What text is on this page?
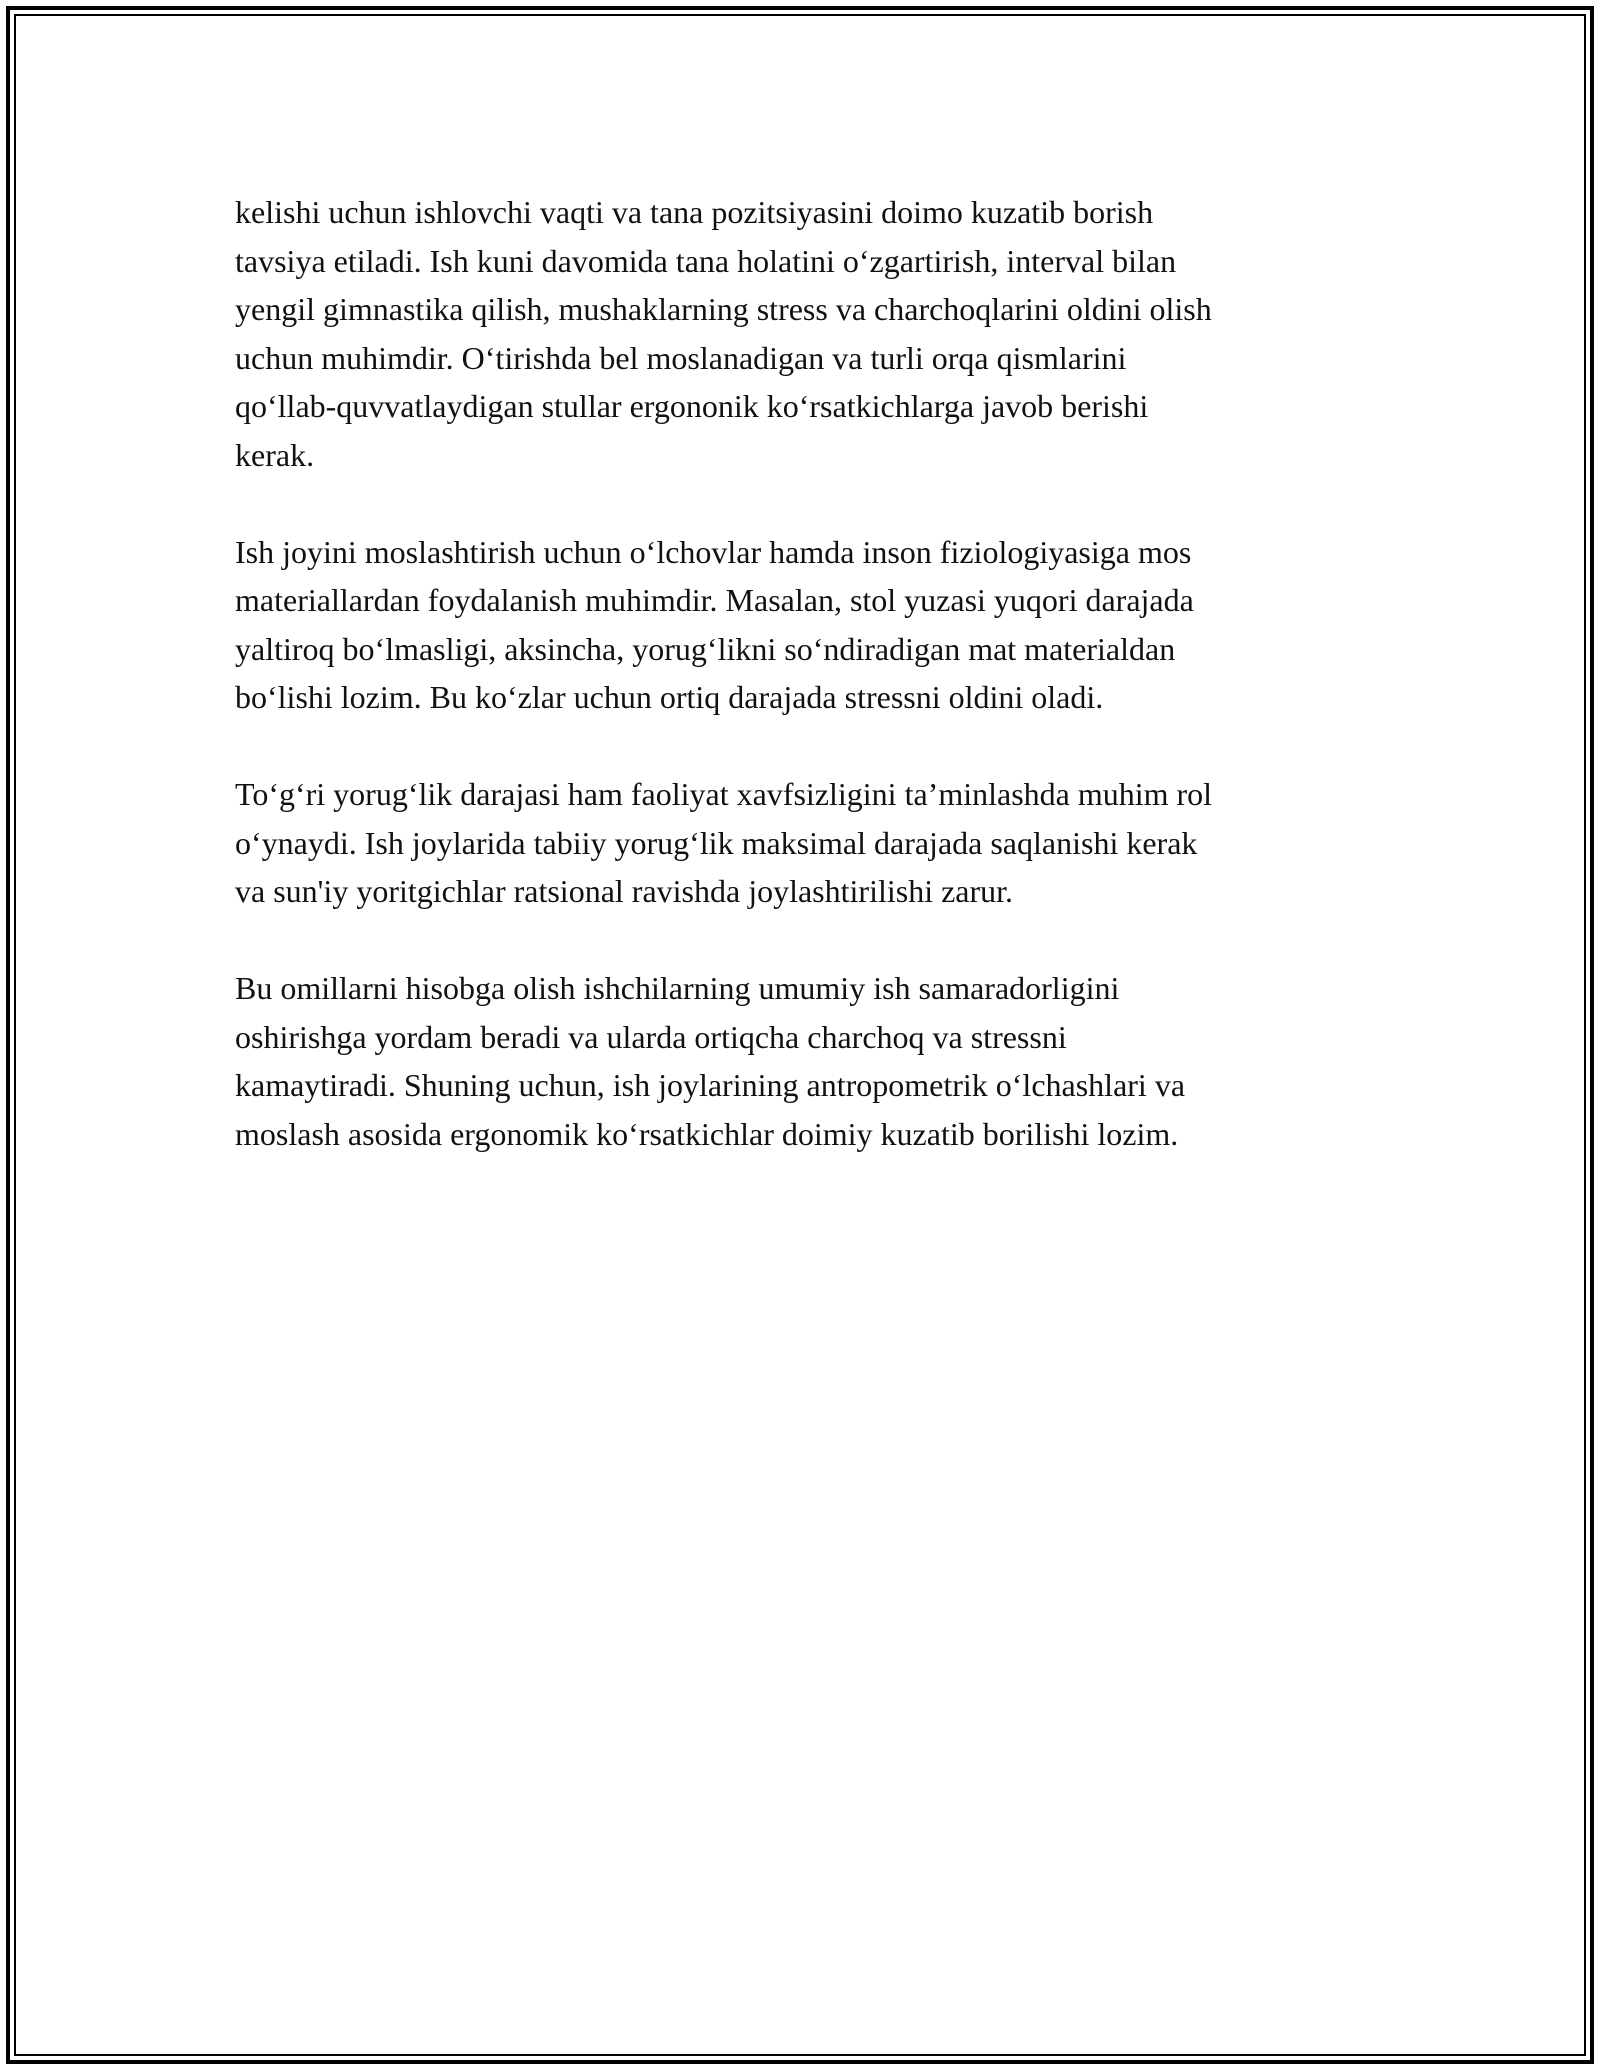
kelishi uchun ishlovchi vaqti va tana pozitsiyasini doimo kuzatib borish
tavsiya etiladi. Ish kuni davomida tana holatini o‘zgartirish, interval bilan
yengil gimnastika qilish, mushaklarning stress va charchoqlarini oldini olish
uchun muhimdir. O‘tirishda bel moslanadigan va turli orqa qismlarini
qo‘llab-quvvatlaydigan stullar ergononik ko‘rsatkichlarga javob berishi
kerak.

Ish joyini moslashtirish uchun o‘lchovlar hamda inson fiziologiyasiga mos
materiallardan foydalanish muhimdir. Masalan, stol yuzasi yuqori darajada
yaltiroq bo‘lmasligi, aksincha, yorug‘likni so‘ndiradigan mat materialdan
bo‘lishi lozim. Bu ko‘zlar uchun ortiq darajada stressni oldini oladi.

To‘g‘ri yorug‘lik darajasi ham faoliyat xavfsizligini ta’minlashda muhim rol
o‘ynaydi. Ish joylarida tabiiy yorug‘lik maksimal darajada saqlanishi kerak
va sun'iy yoritgichlar ratsional ravishda joylashtirilishi zarur.

Bu omillarni hisobga olish ishchilarning umumiy ish samaradorligini
oshirishga yordam beradi va ularda ortiqcha charchoq va stressni
kamaytiradi. Shuning uchun, ish joylarining antropometrik o‘lchashlari va
moslash asosida ergonomik ko‘rsatkichlar doimiy kuzatib borilishi lozim.
